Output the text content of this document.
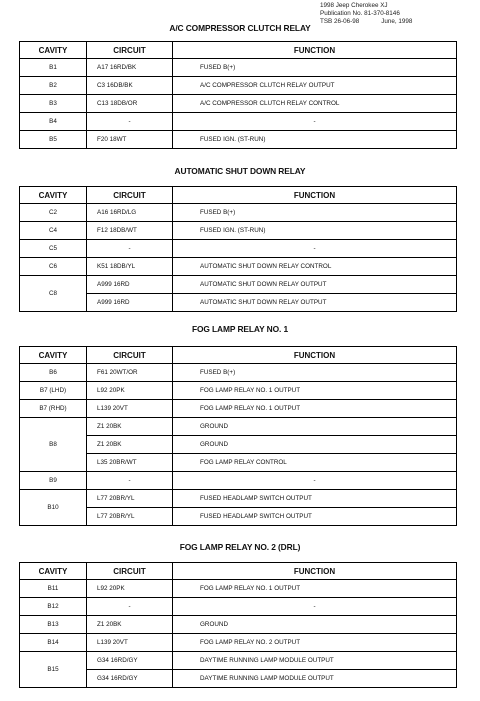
1998 Jeep Cherokee XJ
Publication No. 81-370-8146
TSB 26-06-98	June, 1998
A/C COMPRESSOR CLUTCH RELAY
CAVITY	CIRCUIT	FUNCTION
B1	A17 16RD/BK	FUSED B(+)
B2	C3 16DB/BK	A/C COMPRESSOR CLUTCH RELAY OUTPUT
B3	C13 18DB/OR	A/C COMPRESSOR CLUTCH RELAY CONTROL
B4	-	-
B5	F20 18WT	FUSED IGN. (ST-RUN)
AUTOMATIC SHUT DOWN RELAY
CAVITY	CIRCUIT	FUNCTION
C2	A16 16RD/LG	FUSED B(+)
C4	F12 18DB/WT	FUSED IGN. (ST-RUN)
C5	-	-
C6	K51 18DB/YL	AUTOMATIC SHUT DOWN RELAY CONTROL
C8	A999 16RD	AUTOMATIC SHUT DOWN RELAY OUTPUT
	A999 16RD	AUTOMATIC SHUT DOWN RELAY OUTPUT
FOG LAMP RELAY NO. 1
CAVITY	CIRCUIT	FUNCTION
B6	F61 20WT/OR	FUSED B(+)
B7 (LHD)	L92 20PK	FOG LAMP RELAY NO. 1 OUTPUT
B7 (RHD)	L139 20VT	FOG LAMP RELAY NO. 1 OUTPUT
B8	Z1 20BK	GROUND
	Z1 20BK	GROUND
	L35 20BR/WT	FOG LAMP RELAY CONTROL
B9	-	-
B10	L77 20BR/YL	FUSED HEADLAMP SWITCH OUTPUT
	L77 20BR/YL	FUSED HEADLAMP SWITCH OUTPUT
FOG LAMP RELAY NO. 2 (DRL)
CAVITY	CIRCUIT	FUNCTION
B11	L92 20PK	FOG LAMP RELAY NO. 1 OUTPUT
B12	-	-
B13	Z1 20BK	GROUND
B14	L139 20VT	FOG LAMP RELAY NO. 2 OUTPUT
B15	G34 16RD/GY	DAYTIME RUNNING LAMP MODULE OUTPUT
	G34 16RD/GY	DAYTIME RUNNING LAMP MODULE OUTPUT
